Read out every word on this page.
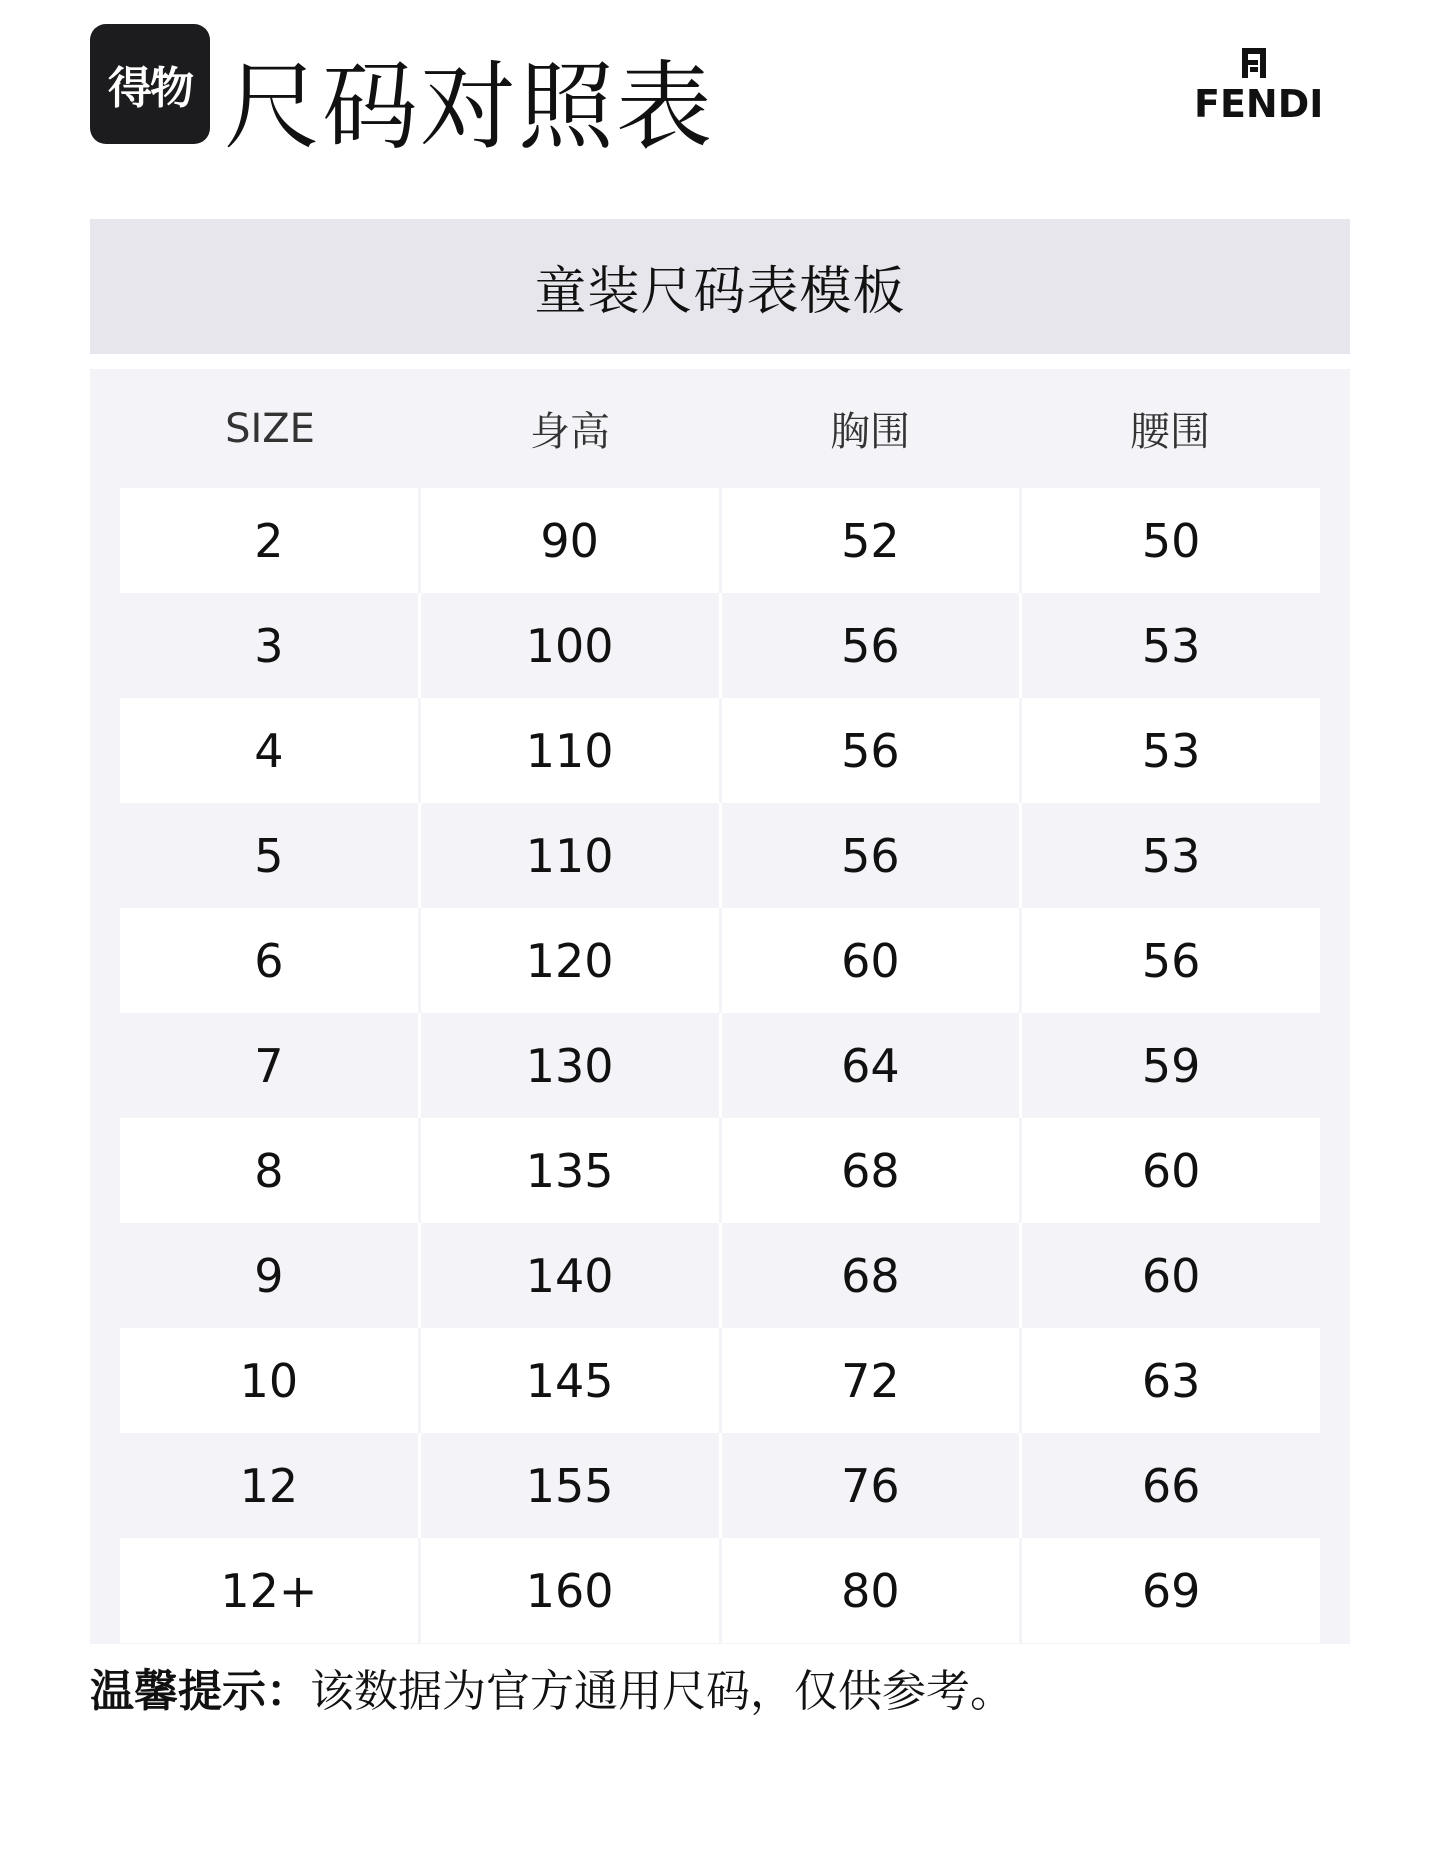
得物 尺码对照表	FENDI
童装尺码表模板
SIZE	身高	胸围	腰围
2	90	52	50
3	100	56	53
4	110	56	53
5	110	56	53
6	120	60	56
7	130	64	59
8	135	68	60
9	140	68	60
10	145	72	63
12	155	76	66
12+	160	80	69
温馨提示：该数据为官方通用尺码，仅供参考。
